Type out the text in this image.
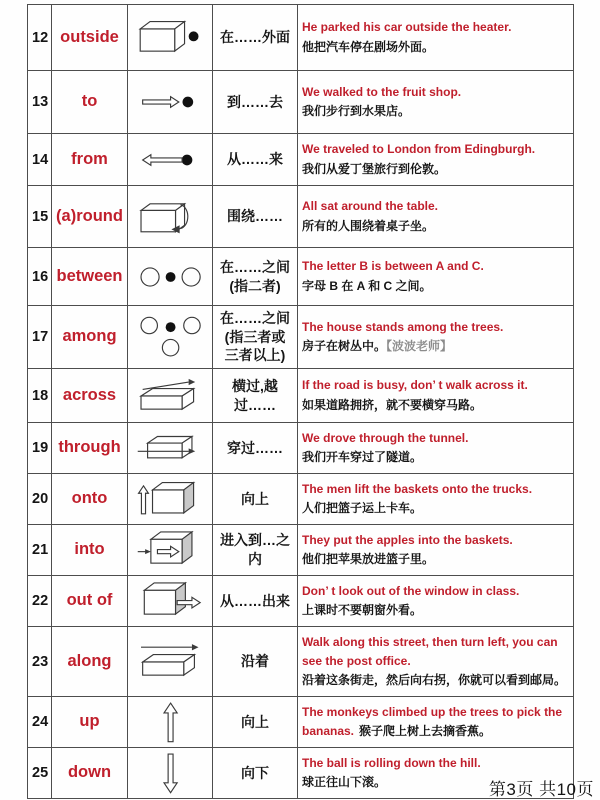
12	outside		在……外面	He parked his car outside the heater.
他把汽车停在剧场外面。

13	to		到……去	We walked to the fruit shop.
我们步行到水果店。

14	from		从……来	We traveled to London from Edingburgh.
我们从爱丁堡旅行到伦敦。

15	(a)round		围绕……	All sat around the table.
所有的人围绕着桌子坐。

16	between		在……之间
(指二者)	The letter B is between A and C.
字母 B 在 A 和 C 之间。

17	among		在……之间
(指三者或
三者以上)	The house stands among the trees.
房子在树丛中。【波波老师】

18	across		横过,越
过……	If the road is busy, don’ t walk across it.
如果道路拥挤，就不要横穿马路。

19	through		穿过……	We drove through the tunnel.
我们开车穿过了隧道。

20	onto		向上	The men lift the baskets onto the trucks.
人们把篮子运上卡车。

21	into		进入到…之
内	They put the apples into the baskets.
他们把苹果放进篮子里。

22	out of		从……出来	Don’ t look out of the window in class.
上课时不要朝窗外看。

23	along		沿着	Walk along this street, then turn left, you can see the post office.
沿着这条街走，然后向右拐，你就可以看到邮局。

24	up		向上	The monkeys climbed up the trees to pick the bananas. 猴子爬上树上去摘香蕉。
25	down		向下	The ball is rolling down the hill.
球正往山下滚。	第3页 共10页
